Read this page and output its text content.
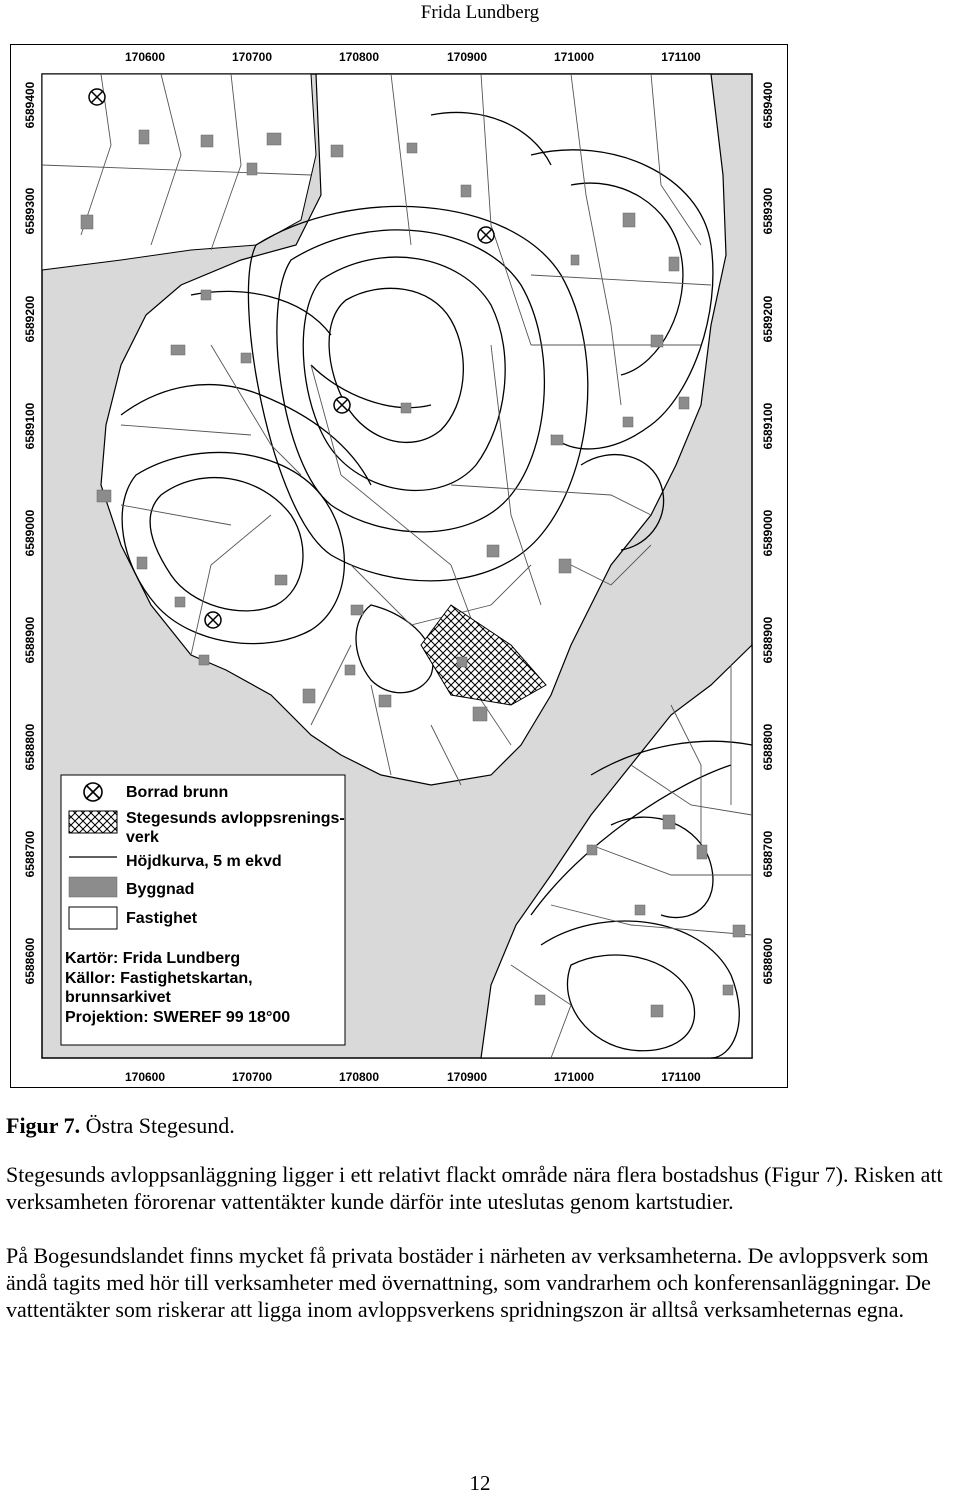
Frida Lundberg
170600	170700	170800	170900	171000	171100
170600	170700	170800	170900	171000	171100
6589400
6589300
6589200
6589100
6589000
6588900
6588800
6588700
6588600
6589400
6589300
6589200
6589100
6589000
6588900
6588800
6588700
6588600
Borrad brunn
Stegesunds avloppsrenings-
verk
Höjdkurva, 5 m ekvd
Byggnad
Fastighet
Kartör: Frida Lundberg
Källor: Fastighetskartan,
brunnsarkivet
Projektion: SWEREF 99 18°00
Figur 7. Östra Stegesund.

Stegesunds avloppsanläggning ligger i ett relativt flackt område nära flera bostadshus (Figur 7). Risken att verksamheten förorenar vattentäkter kunde därför inte uteslutas genom kartstudier.

På Bogesundslandet finns mycket få privata bostäder i närheten av verksamheterna. De avloppsverk som ändå tagits med hör till verksamheter med övernattning, som vandrarhem och konferensanläggningar. De vattentäkter som riskerar att ligga inom avloppsverkens spridningszon är alltså verksamheternas egna.

12
